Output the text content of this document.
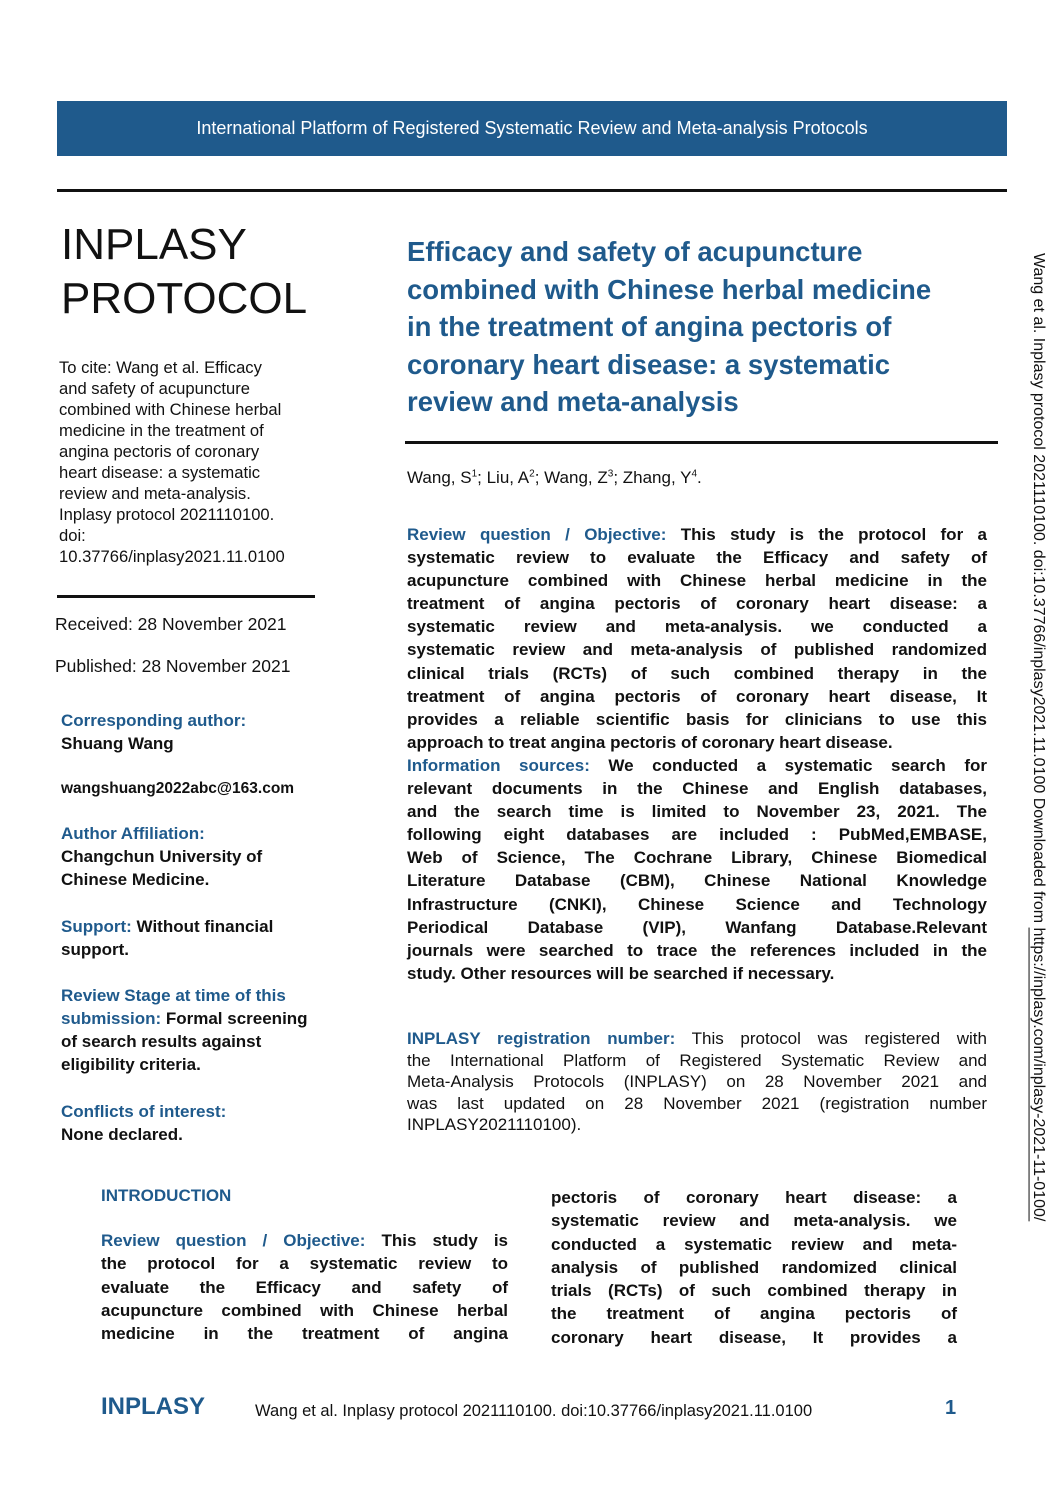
International Platform of Registered Systematic Review and Meta-analysis Protocols
INPLASY
PROTOCOL
To cite: Wang et al. Efficacy
and safety of acupuncture
combined with Chinese herbal
medicine in the treatment of
angina pectoris of coronary
heart disease: a systematic
review and meta-analysis.
Inplasy protocol 2021110100.
doi:
10.37766/inplasy2021.11.0100
Received: 28 November 2021
Published: 28 November 2021
Corresponding author:
Shuang Wang
wangshuang2022abc@163.com
Author Affiliation:
Changchun University of
Chinese Medicine.
Support: Without financial
support.
Review Stage at time of this
submission: Formal screening
of search results against
eligibility criteria.
Conflicts of interest:
None declared.
Efficacy and safety of acupuncture
combined with Chinese herbal medicine
in the treatment of angina pectoris of
coronary heart disease: a systematic
review and meta-analysis
Wang, $S^1$; Liu, $A^2$; Wang, $Z^3$; Zhang, $Y^4$.
Review question / Objective: This study is the protocol for a
systematic review to evaluate the Efficacy and safety of
acupuncture combined with Chinese herbal medicine in the
treatment of angina pectoris of coronary heart disease: a
systematic review and meta-analysis. we conducted a
systematic review and meta-analysis of published randomized
clinical trials (RCTs) of such combined therapy in the
treatment of angina pectoris of coronary heart disease, It
provides a reliable scientific basis for clinicians to use this
approach to treat angina pectoris of coronary heart disease.
Information sources: We conducted a systematic search for
relevant documents in the Chinese and English databases,
and the search time is limited to November 23, 2021. The
following eight databases are included : PubMed,EMBASE,
Web of Science, The Cochrane Library, Chinese Biomedical
Literature Database (CBM), Chinese National Knowledge
Infrastructure (CNKI), Chinese Science and Technology
Periodical Database (VIP), Wanfang Database.Relevant
journals were searched to trace the references included in the
study. Other resources will be searched if necessary.
INPLASY registration number: This protocol was registered with
the International Platform of Registered Systematic Review and
Meta-Analysis Protocols (INPLASY) on 28 November 2021 and
was last updated on 28 November 2021 (registration number
INPLASY2021110100).
INTRODUCTION
Review question / Objective: This study is
the protocol for a systematic review to
evaluate the Efficacy and safety of
acupuncture combined with Chinese herbal
medicine in the treatment of angina
pectoris of coronary heart disease: a
systematic review and meta-analysis. we
conducted a systematic review and meta-
analysis of published randomized clinical
trials (RCTs) of such combined therapy in
the treatment of angina pectoris of
coronary heart disease, It provides a
INPLASY	Wang et al. Inplasy protocol 2021110100. doi:10.37766/inplasy2021.11.0100	1
Wang et al. Inplasy protocol 2021110100. doi:10.37766/inplasy2021.11.0100 Downloaded from https://inplasy.com/inplasy-2021-11-0100/
